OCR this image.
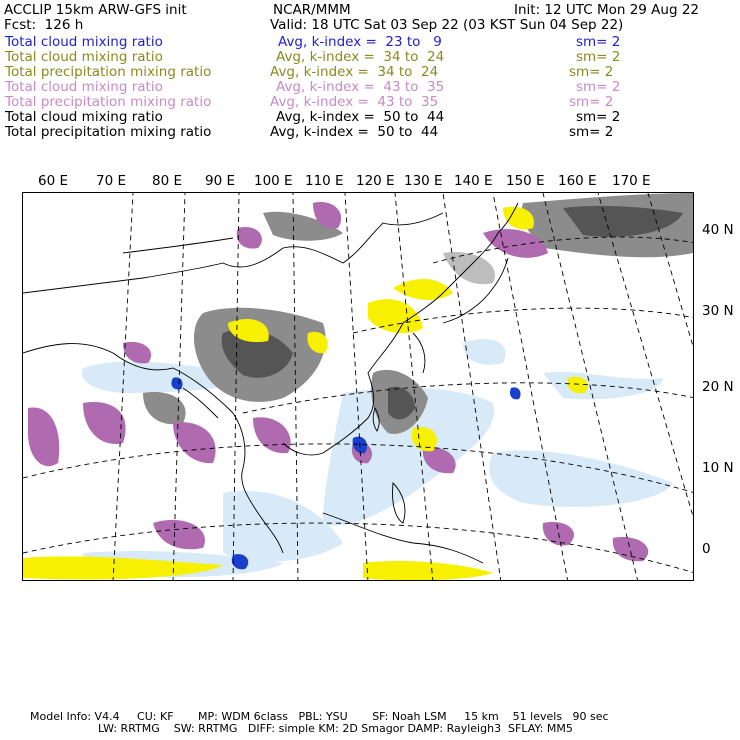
ACCLIP 15km ARW-GFS init	NCAR/MMM	Init: 12 UTC Mon 29 Aug 22
Fcst:  126 h	Valid: 18 UTC Sat 03 Sep 22 (03 KST Sun 04 Sep 22)
Total cloud mixing ratio	Avg, k-index =  23 to   9	sm= 2
Total cloud mixing ratio	Avg, k-index =  34 to  24	sm= 2
Total precipitation mixing ratio	Avg, k-index =  34 to  24	sm= 2
Total cloud mixing ratio	Avg, k-index =  43 to  35	sm= 2
Total precipitation mixing ratio	Avg, k-index =  43 to  35	sm= 2
Total cloud mixing ratio	Avg, k-index =  50 to  44	sm= 2
Total precipitation mixing ratio	Avg, k-index =  50 to  44	sm= 2
60 E 70 E 80 E 90 E 100 E 110 E 120 E 130 E 140 E 150 E 160 E 170 E
40 N
30 N
20 N
10 N
0
Model Info: V4.4     CU: KF       MP: WDM 6class   PBL: YSU       SF: Noah LSM     15 km    51 levels   90 sec
LW: RRTMG    SW: RRTMG   DIFF: simple KM: 2D Smagor DAMP: Rayleigh3  SFLAY: MM5
